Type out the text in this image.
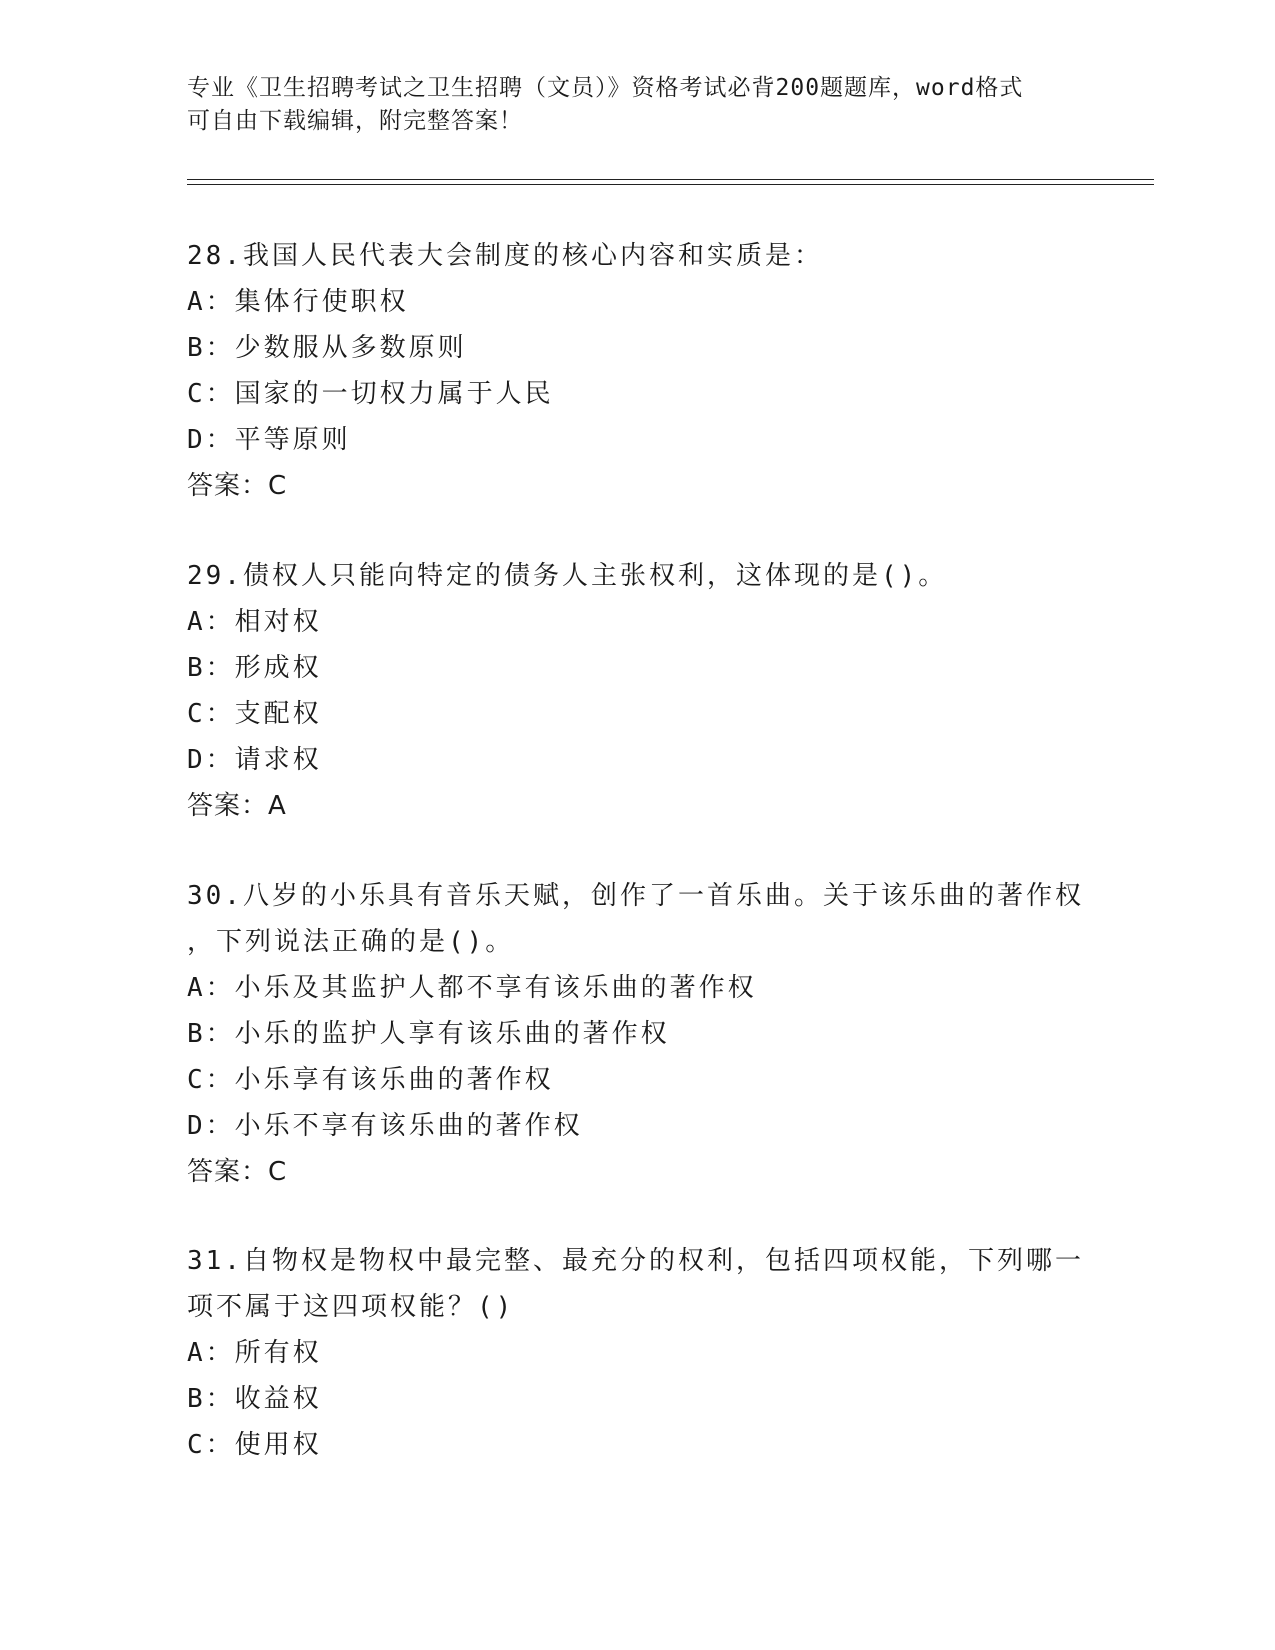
专业《卫生招聘考试之卫生招聘（文员）》资格考试必背200题题库，word格式
可自由下载编辑，附完整答案！
28.我国人民代表大会制度的核心内容和实质是：
A：集体行使职权
B：少数服从多数原则
C：国家的一切权力属于人民
D：平等原则
答案：C
29.债权人只能向特定的债务人主张权利，这体现的是()。
A：相对权
B：形成权
C：支配权
D：请求权
答案：A
30.八岁的小乐具有音乐天赋，创作了一首乐曲。关于该乐曲的著作权
，下列说法正确的是()。
A：小乐及其监护人都不享有该乐曲的著作权
B：小乐的监护人享有该乐曲的著作权
C：小乐享有该乐曲的著作权
D：小乐不享有该乐曲的著作权
答案：C
31.自物权是物权中最完整、最充分的权利，包括四项权能，下列哪一
项不属于这四项权能？()
A：所有权
B：收益权
C：使用权
